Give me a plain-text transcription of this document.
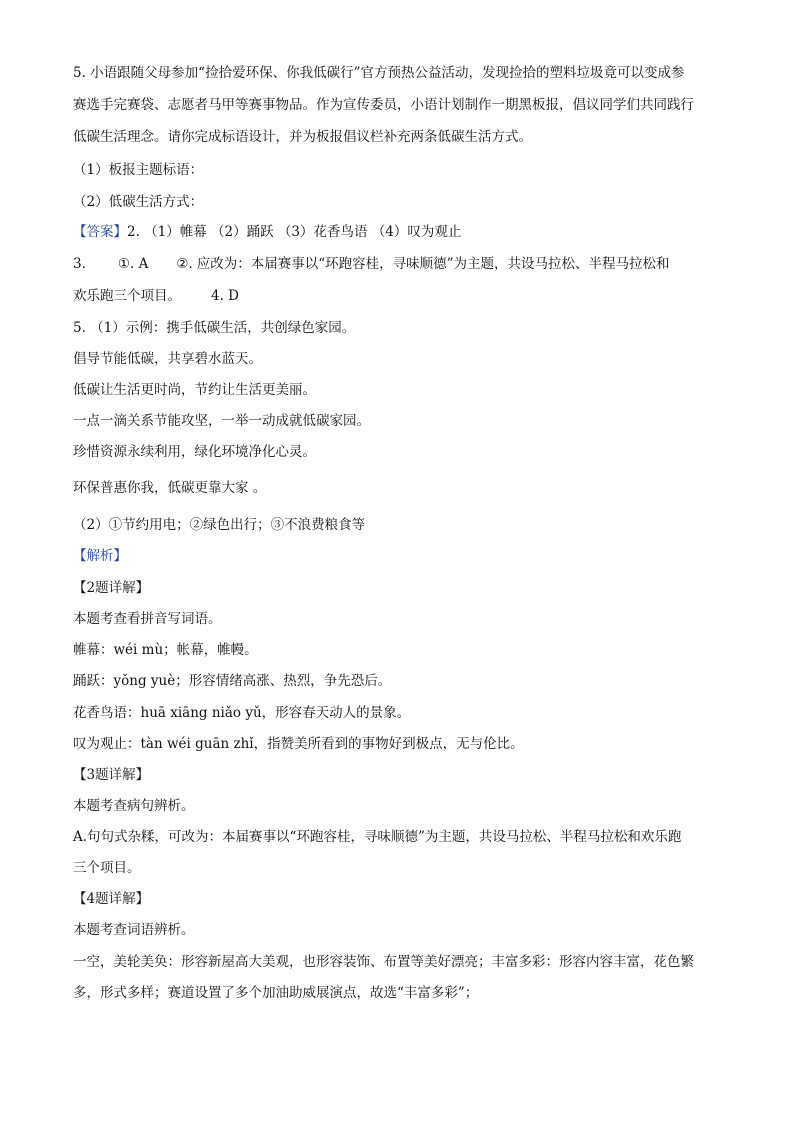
5. 小语跟随父母参加“捡拾爱环保、你我低碳行”官方预热公益活动，发现捡拾的塑料垃圾竟可以变成参
赛选手完赛袋、志愿者马甲等赛事物品。作为宣传委员，小语计划制作一期黑板报，倡议同学们共同践行
低碳生活理念。请你完成标语设计，并为板报倡议栏补充两条低碳生活方式。
（1）板报主题标语：
（2）低碳生活方式：
【答案】2. （1）帷幕 （2）踊跃 （3）花香鸟语 （4）叹为观止
3. ①. A ②. 应改为：本届赛事以“环跑容桂，寻味顺德”为主题，共设马拉松、半程马拉松和
欢乐跑三个项目。 4. D
5. （1）示例：携手低碳生活，共创绿色家园。
倡导节能低碳，共享碧水蓝天。
低碳让生活更时尚，节约让生活更美丽。
一点一滴关系节能攻坚，一举一动成就低碳家园。
珍惜资源永续利用，绿化环境净化心灵。
环保普惠你我，低碳更靠大家 。
（2）①节约用电；②绿色出行；③不浪费粮食等
【解析】
【2题详解】
本题考查看拼音写词语。
帷幕：wéi mù；帐幕，帷幔。
踊跃：yǒng yuè；形容情绪高涨、热烈，争先恐后。
花香鸟语：huā xiāng niǎo yǔ，形容春天动人的景象。
叹为观止：tàn wéi guān zhǐ，指赞美所看到的事物好到极点，无与伦比。
【3题详解】
本题考查病句辨析。
A.句句式杂糅，可改为：本届赛事以“环跑容桂，寻味顺德”为主题，共设马拉松、半程马拉松和欢乐跑
三个项目。
【4题详解】
本题考查词语辨析。
一空，美轮美奂：形容新屋高大美观，也形容装饰、布置等美好漂亮；丰富多彩：形容内容丰富，花色繁
多，形式多样；赛道设置了多个加油助威展演点，故选“丰富多彩”；
